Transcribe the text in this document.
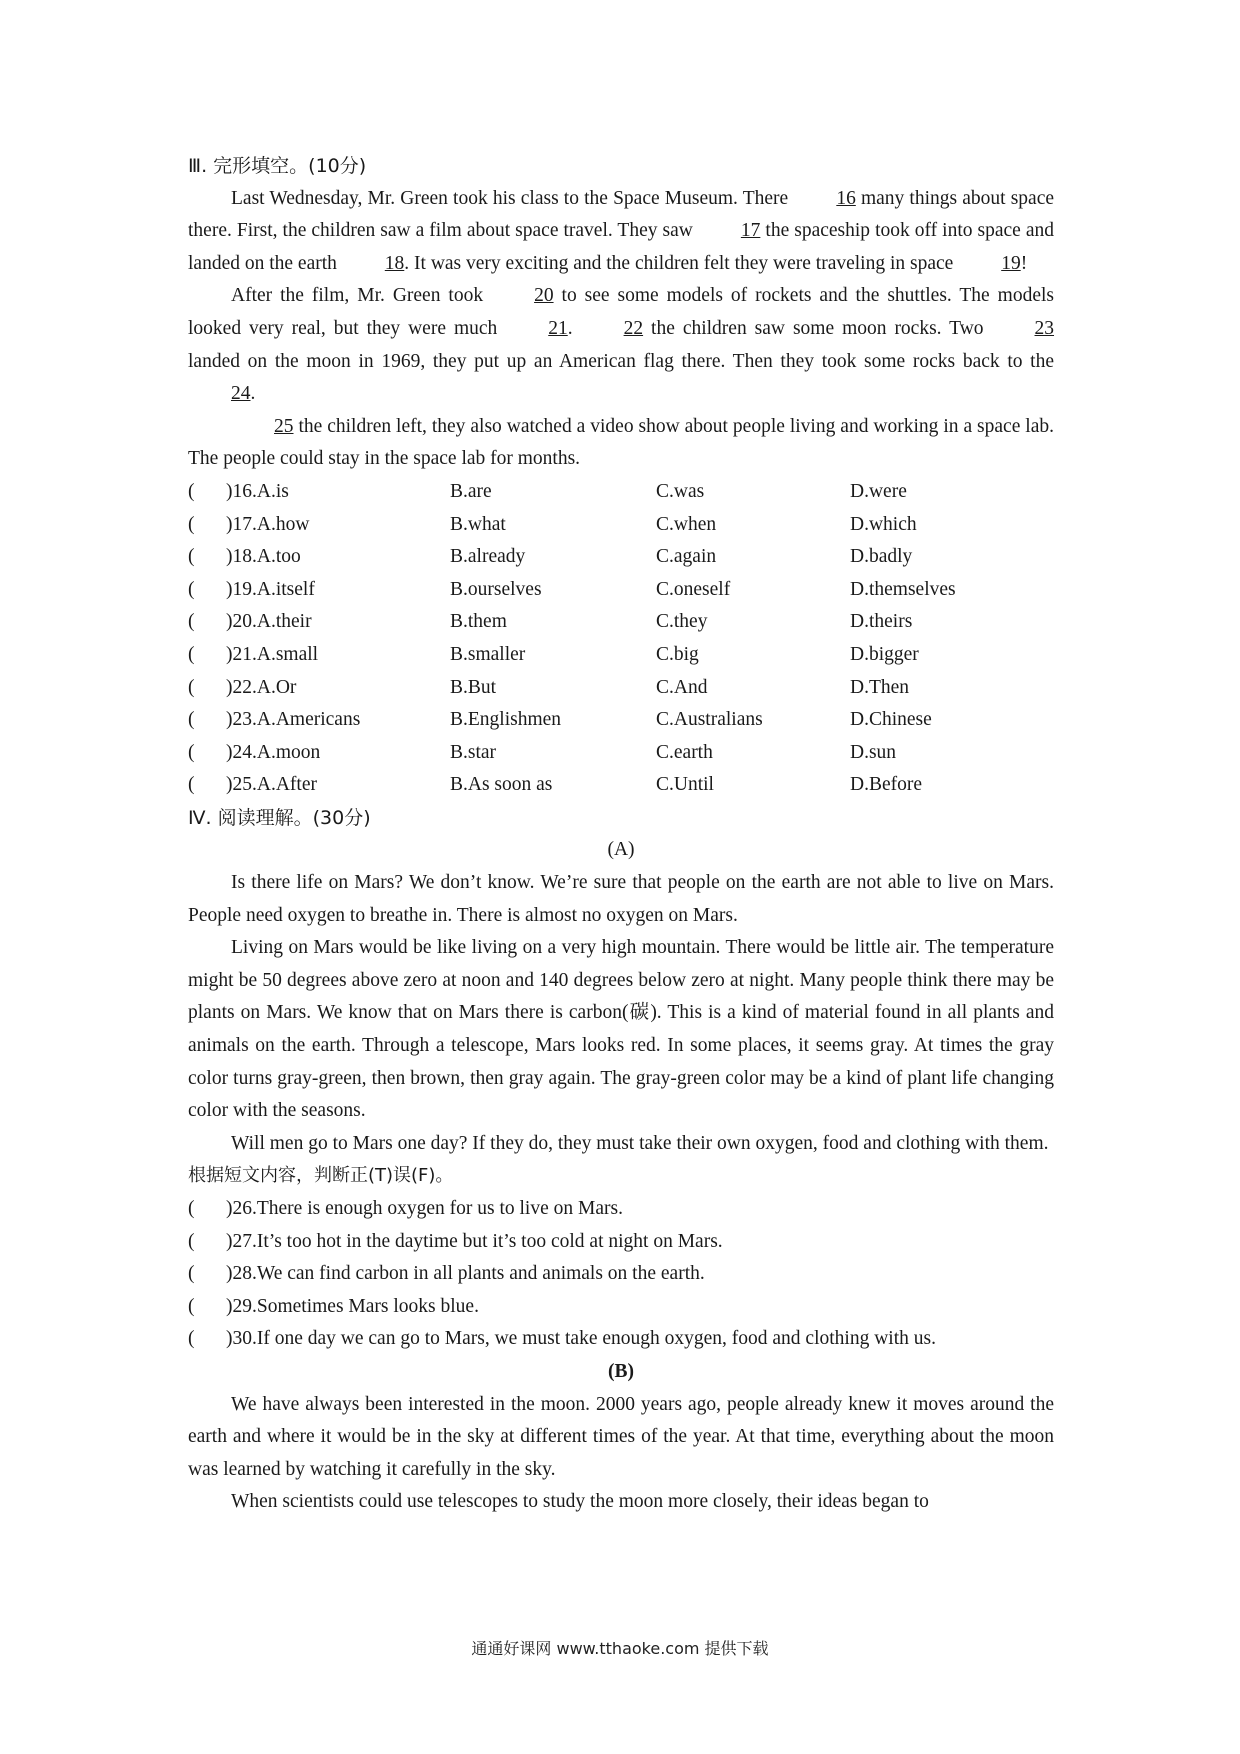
Ⅲ. 完形填空。(10分)

Last Wednesday, Mr. Green took his class to the Space Museum. There 16 many things about space there. First, the children saw a film about space travel. They saw 17 the spaceship took off into space and landed on the earth 18. It was very exciting and the children felt they were traveling in space 19!

After the film, Mr. Green took 20 to see some models of rockets and the shuttles. The models looked very real, but they were much 21. 22 the children saw some moon rocks. Two 23 landed on the moon in 1969, they put up an American flag there. Then they took some rocks back to the 24.

25 the children left, they also watched a video show about people living and working in a space lab. The people could stay in the space lab for months.

( )16.A.is	B.are	C.was	D.were
( )17.A.how	B.what	C.when	D.which
( )18.A.too	B.already	C.again	D.badly
( )19.A.itself	B.ourselves	C.oneself	D.themselves
( )20.A.their	B.them	C.they	D.theirs
( )21.A.small	B.smaller	C.big	D.bigger
( )22.A.Or	B.But	C.And	D.Then
( )23.A.Americans	B.Englishmen	C.Australians	D.Chinese
( )24.A.moon	B.star	C.earth	D.sun
( )25.A.After	B.As soon as	C.Until	D.Before
Ⅳ. 阅读理解。(30分)
(A)

Is there life on Mars? We don’t know. We’re sure that people on the earth are not able to live on Mars. People need oxygen to breathe in. There is almost no oxygen on Mars.

Living on Mars would be like living on a very high mountain. There would be little air. The temperature might be 50 degrees above zero at noon and 140 degrees below zero at night. Many people think there may be plants on Mars. We know that on Mars there is carbon(碳). This is a kind of material found in all plants and animals on the earth. Through a telescope, Mars looks red. In some places, it seems gray. At times the gray color turns gray-green, then brown, then gray again. The gray-green color may be a kind of plant life changing color with the seasons.

Will men go to Mars one day? If they do, they must take their own oxygen, food and clothing with them.

根据短文内容，判断正(T)误(F)。
( )26.There is enough oxygen for us to live on Mars.
( )27.It’s too hot in the daytime but it’s too cold at night on Mars.
( )28.We can find carbon in all plants and animals on the earth.
( )29.Sometimes Mars looks blue.
( )30.If one day we can go to Mars, we must take enough oxygen, food and clothing with us.
(B)

We have always been interested in the moon. 2000 years ago, people already knew it moves around the earth and where it would be in the sky at different times of the year. At that time, everything about the moon was learned by watching it carefully in the sky.

When scientists could use telescopes to study the moon more closely, their ideas began to

通通好课网 www.tthaoke.com 提供下载
